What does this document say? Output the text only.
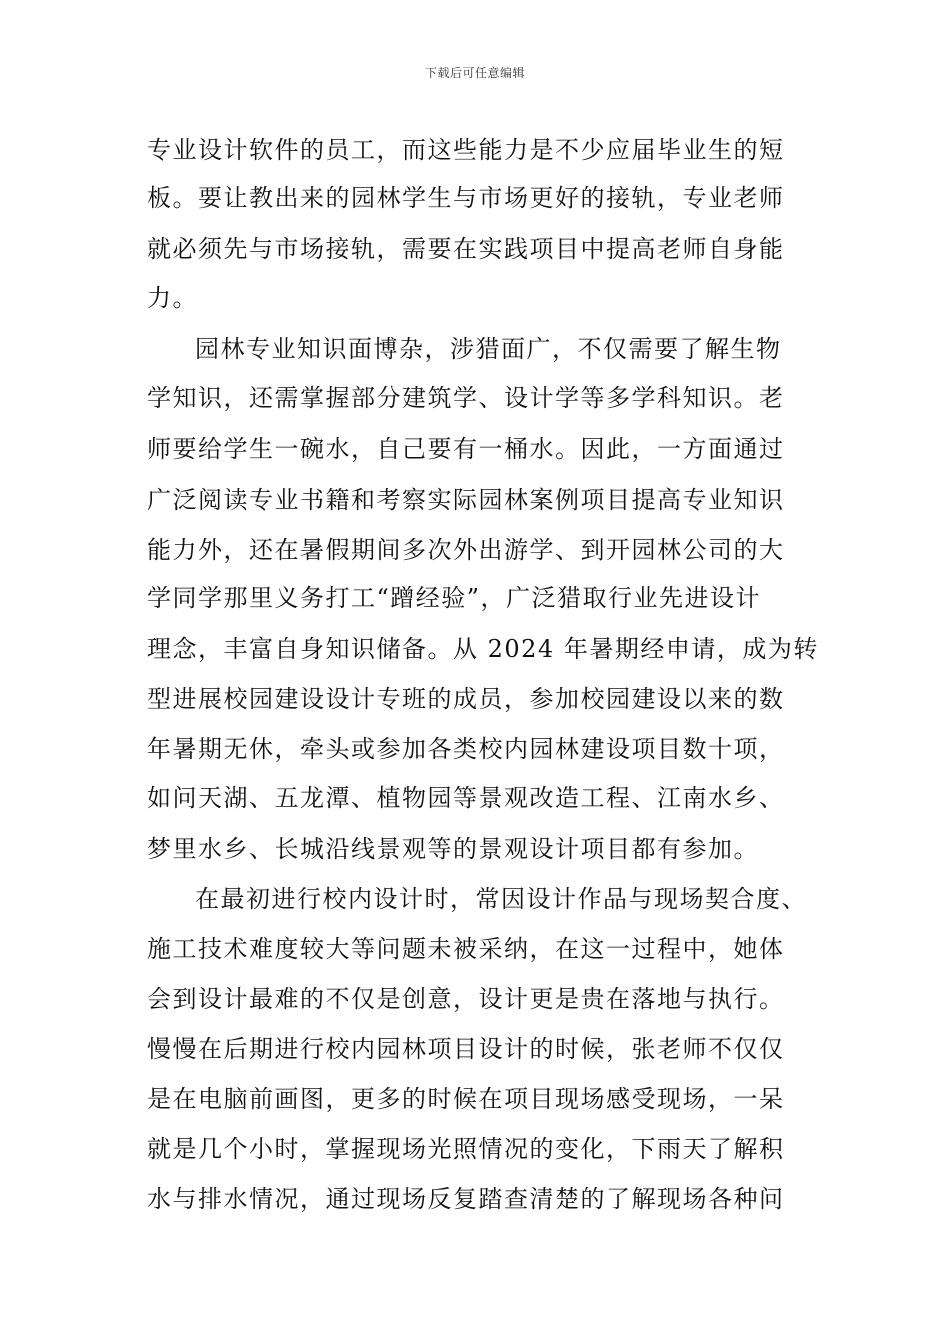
下载后可任意编辑
专业设计软件的员工，而这些能力是不少应届毕业生的短
板。要让教出来的园林学生与市场更好的接轨，专业老师
就必须先与市场接轨，需要在实践项目中提高老师自身能
力。
园林专业知识面博杂，涉猎面广，不仅需要了解生物
学知识，还需掌握部分建筑学、设计学等多学科知识。老
师要给学生一碗水，自己要有一桶水。因此，一方面通过
广泛阅读专业书籍和考察实际园林案例项目提高专业知识
能力外，还在暑假期间多次外出游学、到开园林公司的大
学同学那里义务打工“蹭经验”，广泛猎取行业先进设计
理念，丰富自身知识储备。从 2024 年暑期经申请，成为转
型进展校园建设设计专班的成员，参加校园建设以来的数
年暑期无休，牵头或参加各类校内园林建设项目数十项，
如问天湖、五龙潭、植物园等景观改造工程、江南水乡、
梦里水乡、长城沿线景观等的景观设计项目都有参加。
在最初进行校内设计时，常因设计作品与现场契合度、
施工技术难度较大等问题未被采纳，在这一过程中，她体
会到设计最难的不仅是创意，设计更是贵在落地与执行。
慢慢在后期进行校内园林项目设计的时候，张老师不仅仅
是在电脑前画图，更多的时候在项目现场感受现场，一呆
就是几个小时，掌握现场光照情况的变化，下雨天了解积
水与排水情况，通过现场反复踏查清楚的了解现场各种问
